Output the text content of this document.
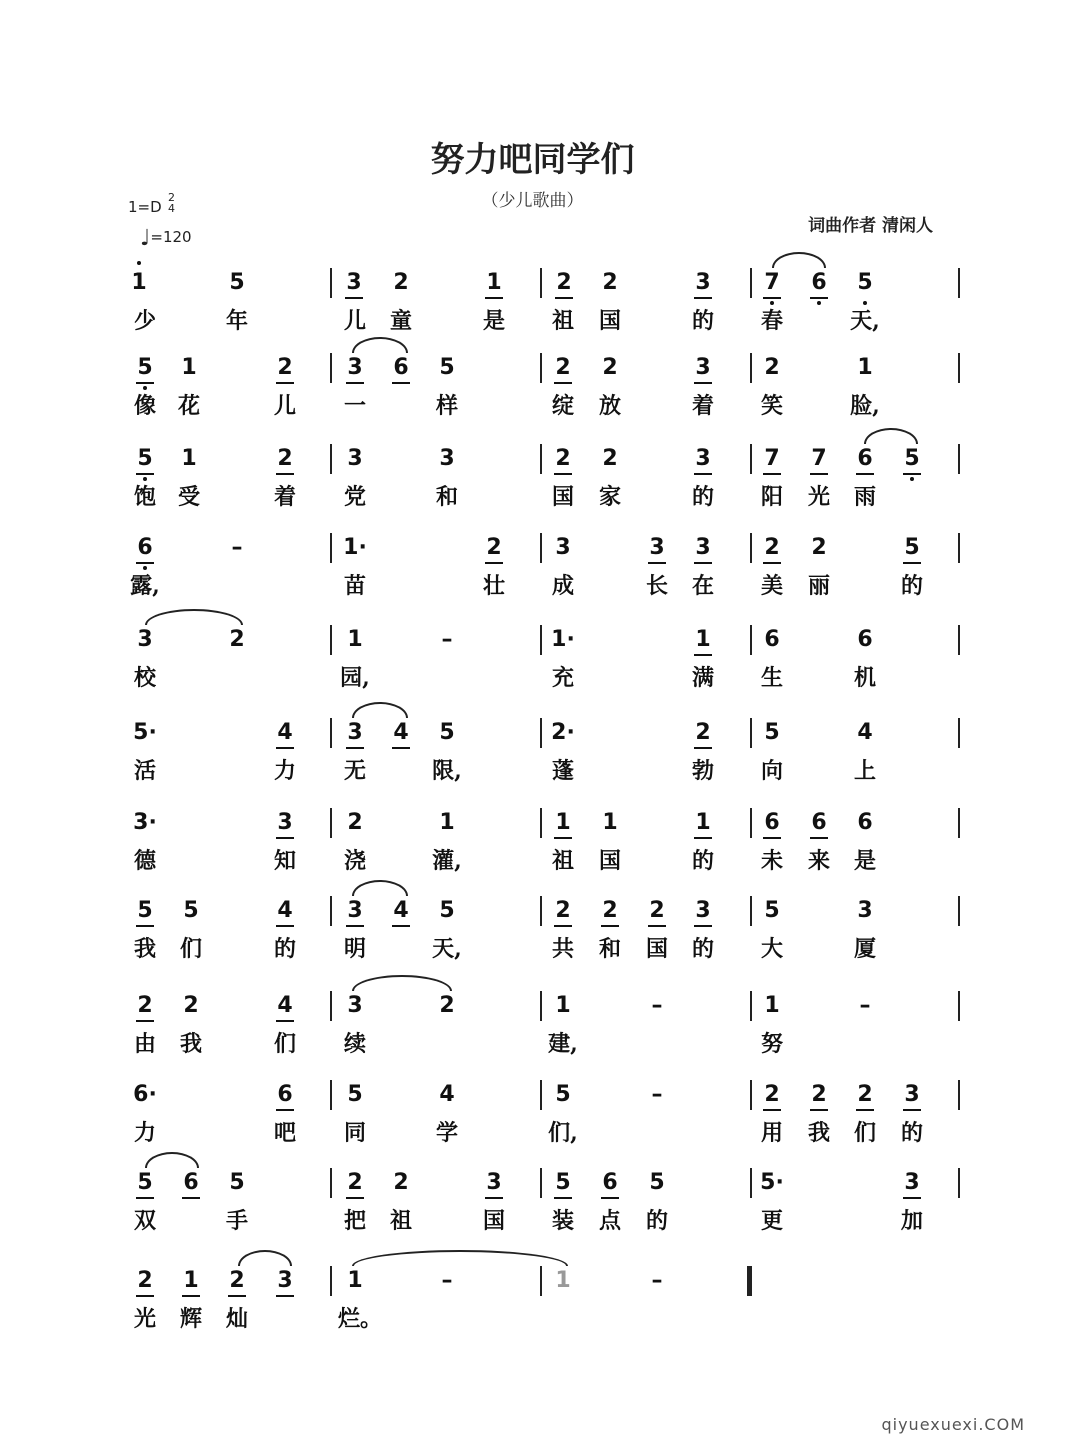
努力吧同学们
（少儿歌曲）
1=D
2
4
♩=120
词曲作者 清闲人
1	5	3	2	1	2	2	3	7	6	5
少	年	儿 童	是 祖 国	的 春	天,
5	1	2	3	6	5	2	2	3	2	1
像 花	儿 一	样	绽 放	着 笑	脸,
5	1	2	3	3	2	2	3	7	7	6	5
饱 受	着 党	和	国 家	的 阳 光 雨
6	–	1·	2	3	3	3	2	2	5
露,	苗	壮 成	长 在 美 丽	的
3	2	1	–	1·	1	6	6
校	园,	充	满 生	机
5·	4	3	4	5	2·	2	5	4
活	力 无	限,	蓬	勃 向	上
3·	3	2	1	1	1	1	6	6	6
德	知 浇	灌,	祖 国	的 未 来 是
5	5	4	3	4	5	2	2	2	3	5	3
我 们	的 明	天,	共 和 国 的 大	厦
2	2	4	3	2	1	–	1	–
由 我	们 续	建,	努
6·	6	5	4	5	–	2	2	2	3
力	吧 同	学	们,	用 我 们 的
5	6	5	2	2	3	5	6	5	5·	3
双	手	把 祖	国 装 点 的	更	加
2	1	2	3	1	–	1	–
光 辉 灿	烂。
qiyuexuexi.COM
